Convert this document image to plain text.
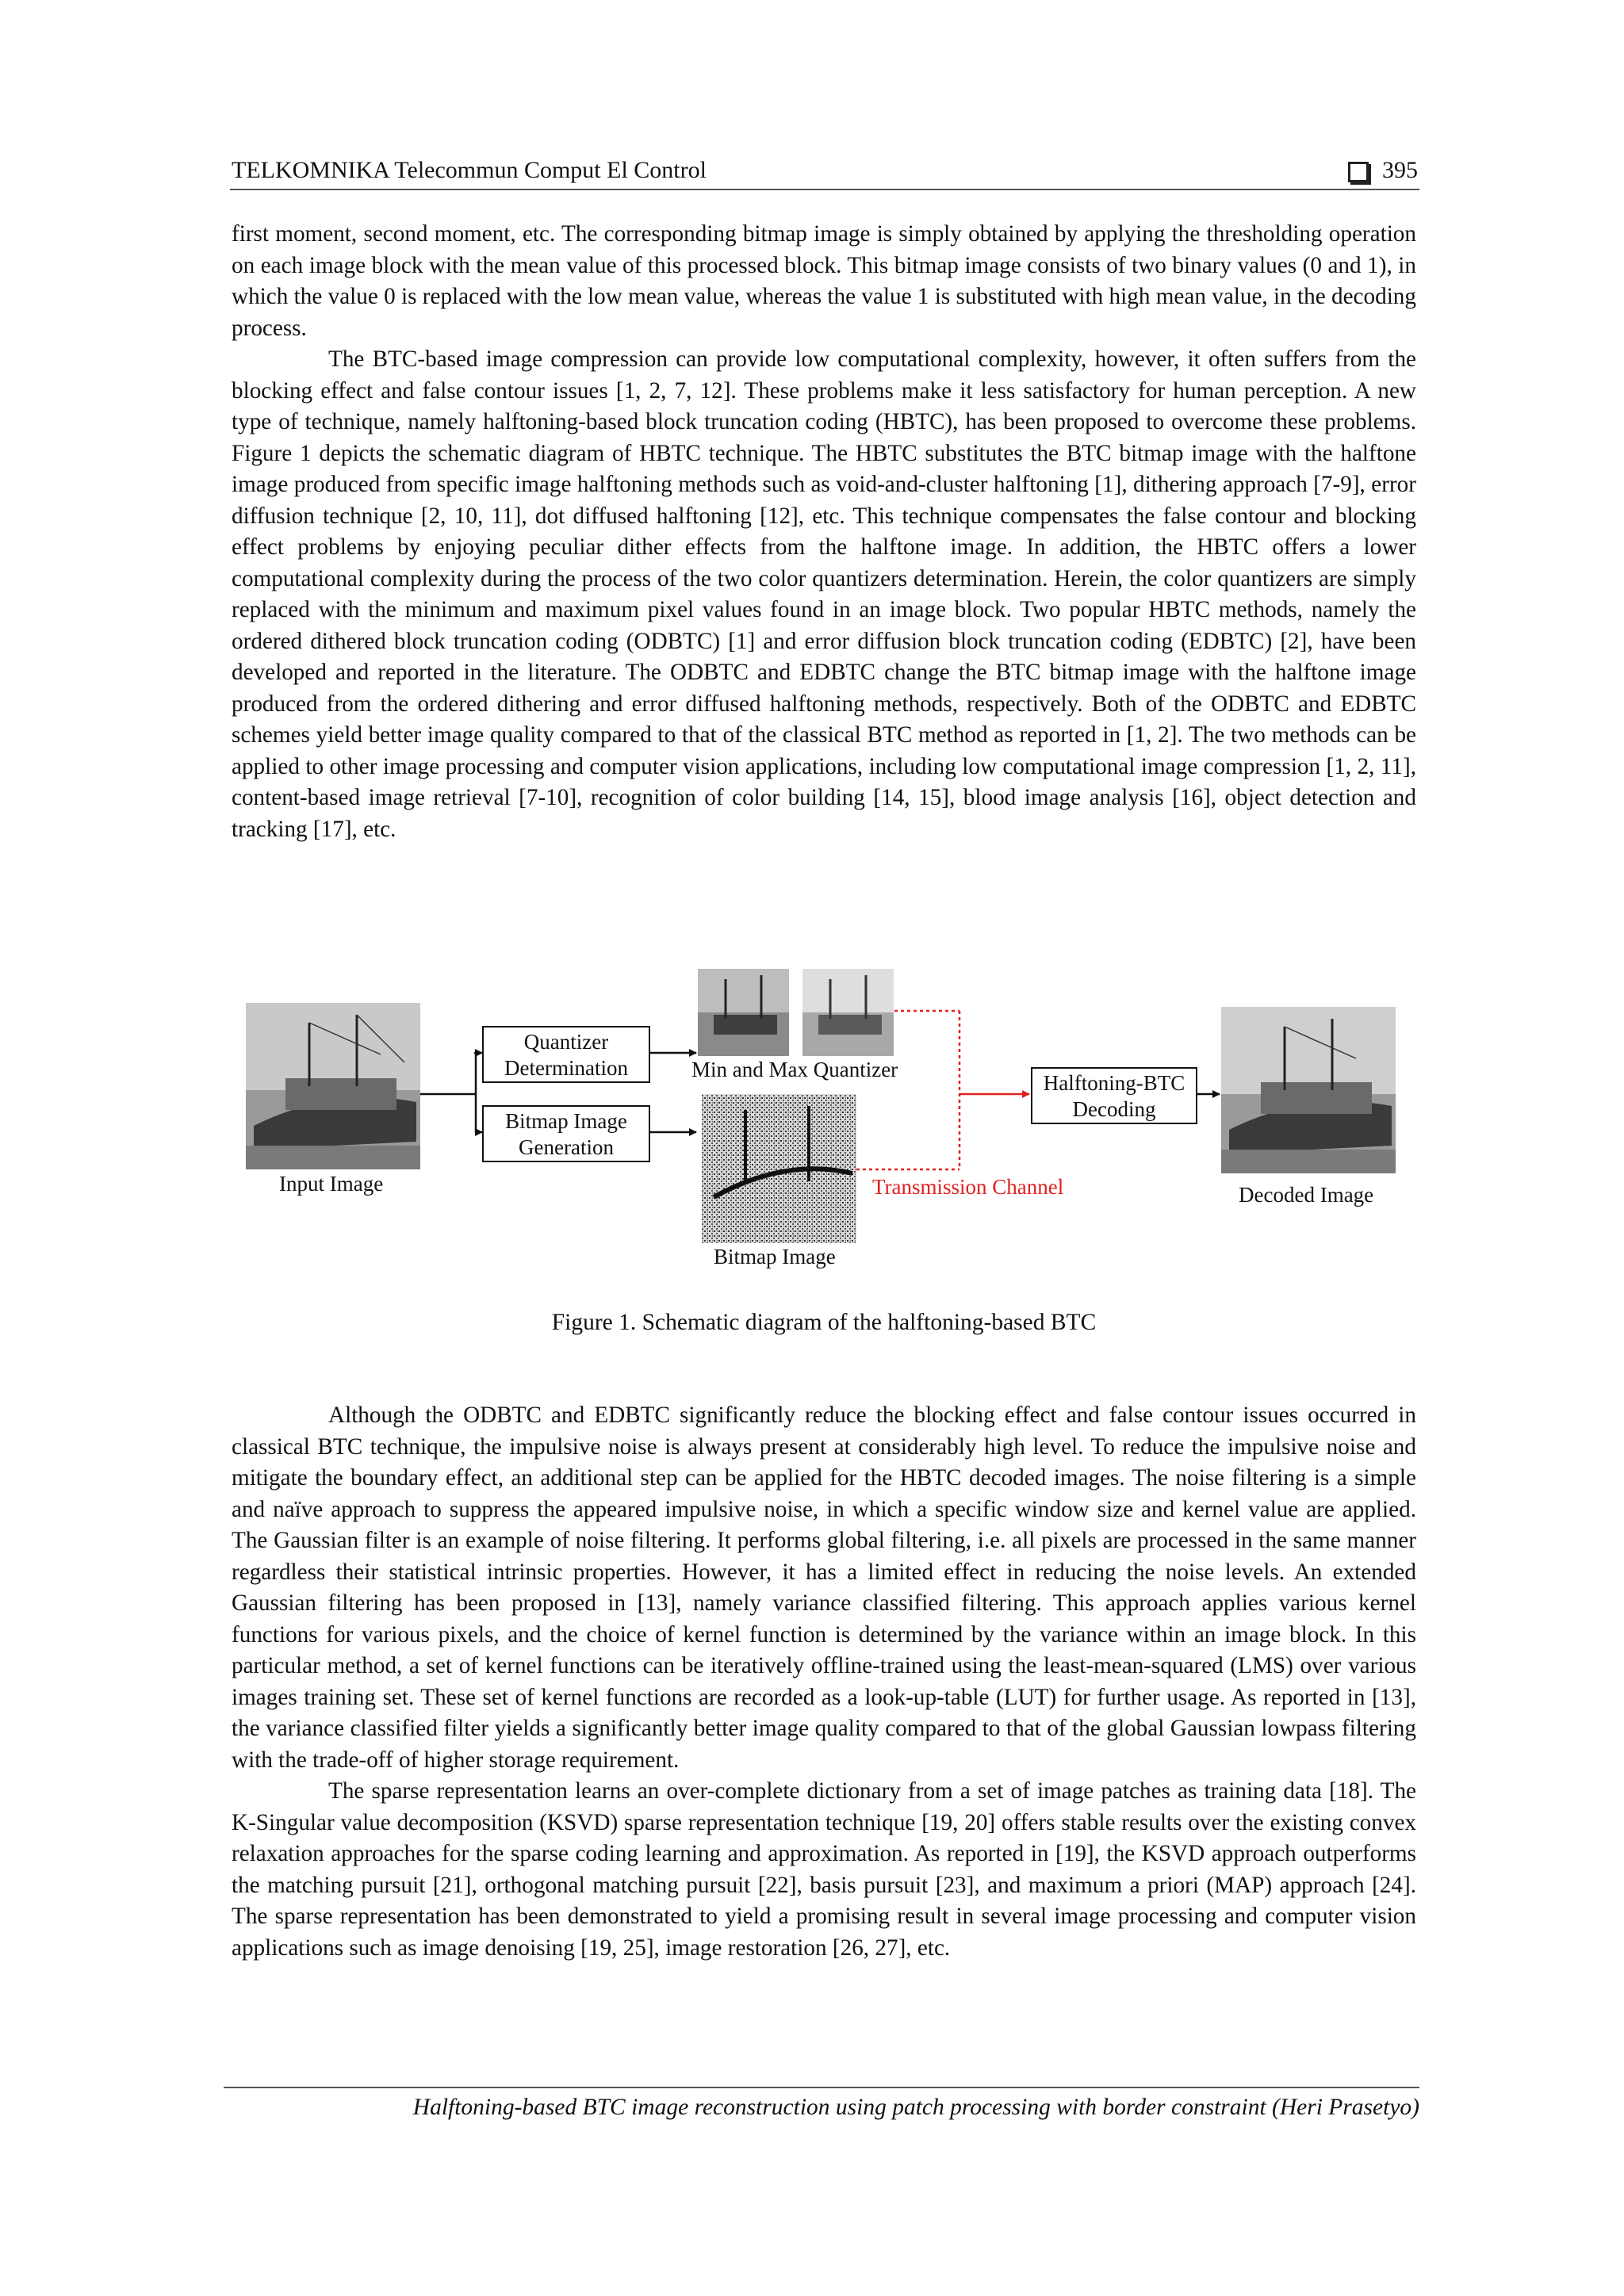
TELKOMNIKA Telecommun Comput El Control	395

first moment, second moment, etc. The corresponding bitmap image is simply obtained by applying the thresholding operation on each image block with the mean value of this processed block. This bitmap image consists of two binary values (0 and 1), in which the value 0 is replaced with the low mean value, whereas the value 1 is substituted with high mean value, in the decoding process.

The BTC-based image compression can provide low computational complexity, however, it often suffers from the blocking effect and false contour issues [1, 2, 7, 12]. These problems make it less satisfactory for human perception. A new type of technique, namely halftoning-based block truncation coding (HBTC), has been proposed to overcome these problems. Figure 1 depicts the schematic diagram of HBTC technique. The HBTC substitutes the BTC bitmap image with the halftone image produced from specific image halftoning methods such as void-and-cluster halftoning [1], dithering approach [7-9], error diffusion technique [2, 10, 11], dot diffused halftoning [12], etc. This technique compensates the false contour and blocking effect problems by enjoying peculiar dither effects from the halftone image. In addition, the HBTC offers a lower computational complexity during the process of the two color quantizers determination. Herein, the color quantizers are simply replaced with the minimum and maximum pixel values found in an image block. Two popular HBTC methods, namely the ordered dithered block truncation coding (ODBTC) [1] and error diffusion block truncation coding (EDBTC) [2], have been developed and reported in the literature. The ODBTC and EDBTC change the BTC bitmap image with the halftone image produced from the ordered dithering and error diffused halftoning methods, respectively. Both of the ODBTC and EDBTC schemes yield better image quality compared to that of the classical BTC method as reported in [1, 2]. The two methods can be applied to other image processing and computer vision applications, including low computational image compression [1, 2, 11], content-based image retrieval [7-10], recognition of color building [14, 15], blood image analysis [16], object detection and tracking [17], etc.

Quantizer Determination
Bitmap Image Generation
Halftoning-BTC Decoding
Input Image
Min and Max Quantizer
Bitmap Image
Transmission Channel	Decoded Image
Figure 1. Schematic diagram of the halftoning-based BTC

Although the ODBTC and EDBTC significantly reduce the blocking effect and false contour issues occurred in classical BTC technique, the impulsive noise is always present at considerably high level. To reduce the impulsive noise and mitigate the boundary effect, an additional step can be applied for the HBTC decoded images. The noise filtering is a simple and naïve approach to suppress the appeared impulsive noise, in which a specific window size and kernel value are applied. The Gaussian filter is an example of noise filtering. It performs global filtering, i.e. all pixels are processed in the same manner regardless their statistical intrinsic properties. However, it has a limited effect in reducing the noise levels. An extended Gaussian filtering has been proposed in [13], namely variance classified filtering. This approach applies various kernel functions for various pixels, and the choice of kernel function is determined by the variance within an image block. In this particular method, a set of kernel functions can be iteratively offline-trained using the least-mean-squared (LMS) over various images training set. These set of kernel functions are recorded as a look-up-table (LUT) for further usage. As reported in [13], the variance classified filter yields a significantly better image quality compared to that of the global Gaussian lowpass filtering with the trade-off of higher storage requirement.

The sparse representation learns an over-complete dictionary from a set of image patches as training data [18]. The K-Singular value decomposition (KSVD) sparse representation technique [19, 20] offers stable results over the existing convex relaxation approaches for the sparse coding learning and approximation. As reported in [19], the KSVD approach outperforms the matching pursuit [21], orthogonal matching pursuit [22], basis pursuit [23], and maximum a priori (MAP) approach [24]. The sparse representation has been demonstrated to yield a promising result in several image processing and computer vision applications such as image denoising [19, 25], image restoration [26, 27], etc.

Halftoning-based BTC image reconstruction using patch processing with border constraint (Heri Prasetyo)
